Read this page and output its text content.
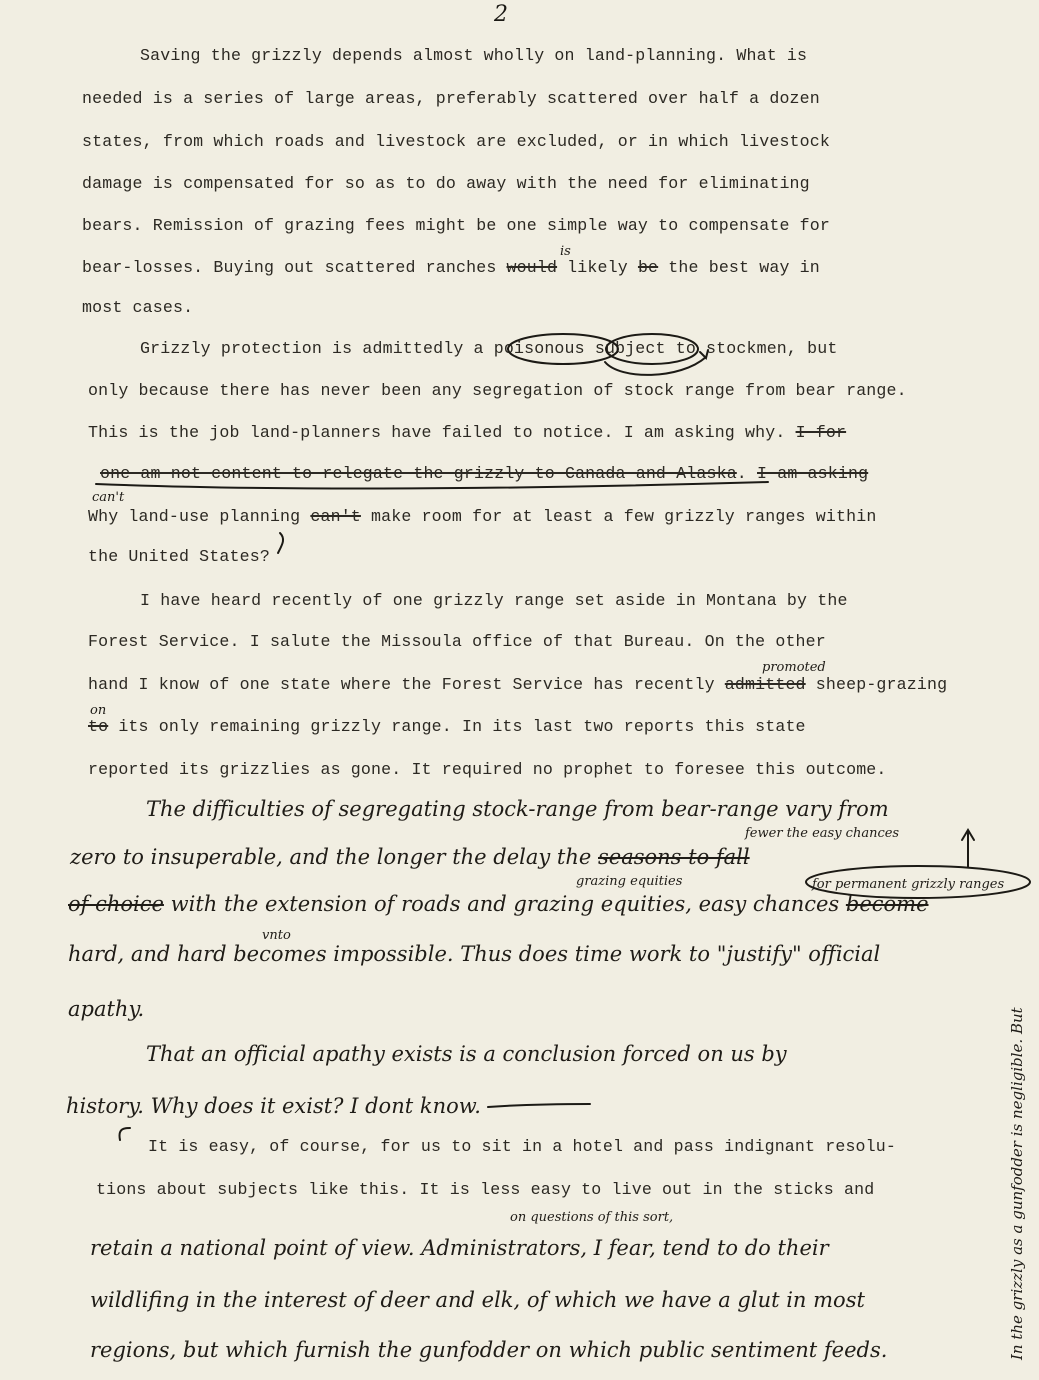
2
Saving the grizzly depends almost wholly on land-planning. What is
needed is a series of large areas, preferably scattered over half a dozen
states, from which roads and livestock are excluded, or in which livestock
damage is compensated for so as to do away with the need for eliminating
bears. Remission of grazing fees might be one simple way to compensate for
bear-losses. Buying out scattered ranches would likely be the best way in
is
most cases.
Grizzly protection is admittedly a poisonous subject to stockmen, but
only because there has never been any segregation of stock range from bear range.
This is the job land-planners have failed to notice. I am asking why. I for
one am not content to relegate the grizzly to Canada and Alaska. I am asking
can't
Why land-use planning can't make room for at least a few grizzly ranges within
the United States?
I have heard recently of one grizzly range set aside in Montana by the
Forest Service. I salute the Missoula office of that Bureau. On the other
promoted
hand I know of one state where the Forest Service has recently admitted sheep-grazing
on
to its only remaining grizzly range. In its last two reports this state
reported its grizzlies as gone. It required no prophet to foresee this outcome.
The difficulties of segregating stock-range from bear-range vary from
fewer the easy chances
zero to insuperable, and the longer the delay the seasons to fall
grazing equities	for permanent grizzly ranges
of choice with the extension of roads and grazing equities, easy chances become
vnto
hard, and hard becomes impossible. Thus does time work to "justify" official
apathy.
That an official apathy exists is a conclusion forced on us by
history. Why does it exist? I dont know.
It is easy, of course, for us to sit in a hotel and pass indignant resolu-
tions about subjects like this. It is less easy to live out in the sticks and
on questions of this sort,
retain a national point of view. Administrators, I fear, tend to do their
wildlifing in the interest of deer and elk, of which we have a glut in most
regions, but which furnish the gunfodder on which public sentiment feeds.	In the grizzly as a gunfodder is negligible. But
